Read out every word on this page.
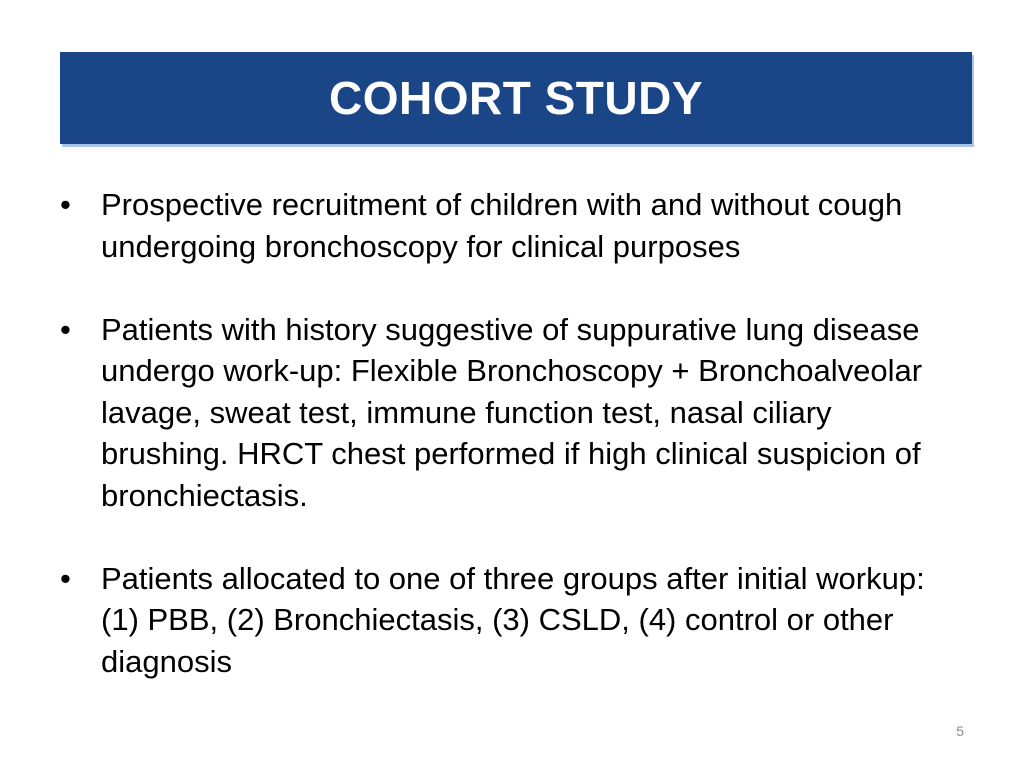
COHORT STUDY
• Prospective recruitment of children with and without cough undergoing bronchoscopy for clinical purposes
• Patients with history suggestive of suppurative lung disease undergo work-up: Flexible Bronchoscopy + Bronchoalveolar lavage, sweat test, immune function test, nasal ciliary brushing. HRCT chest performed if high clinical suspicion of bronchiectasis.
• Patients allocated to one of three groups after initial workup: (1) PBB, (2) Bronchiectasis, (3) CSLD, (4) control or other diagnosis
5
